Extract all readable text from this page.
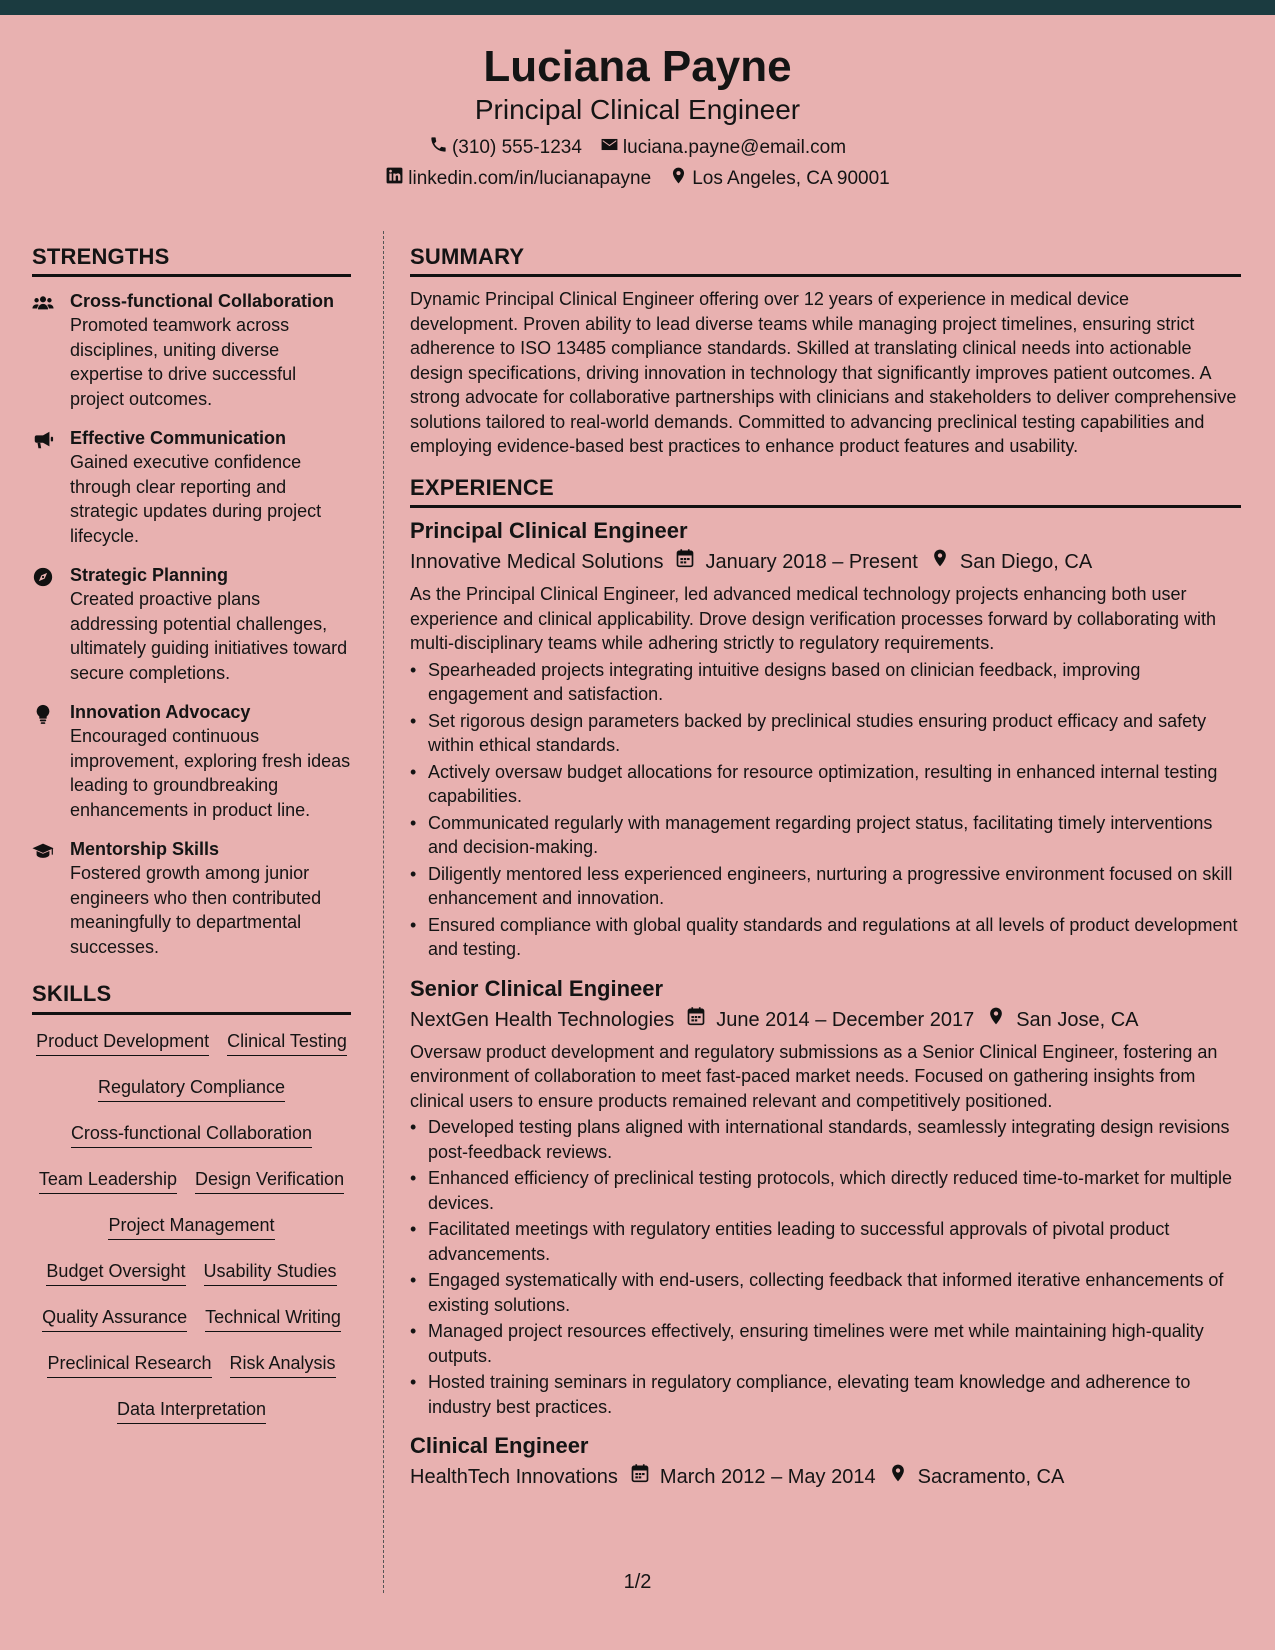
Luciana Payne
Principal Clinical Engineer
(310) 555-1234 luciana.payne@email.com
linkedin.com/in/lucianapayne Los Angeles, CA 90001
STRENGTHS
Cross-functional Collaboration
Promoted teamwork across disciplines, uniting diverse expertise to drive successful project outcomes.
Effective Communication
Gained executive confidence through clear reporting and strategic updates during project lifecycle.
Strategic Planning
Created proactive plans addressing potential challenges, ultimately guiding initiatives toward secure completions.
Innovation Advocacy
Encouraged continuous improvement, exploring fresh ideas leading to groundbreaking enhancements in product line.
Mentorship Skills
Fostered growth among junior engineers who then contributed meaningfully to departmental successes.
SKILLS
Product Development Clinical Testing
Regulatory Compliance
Cross-functional Collaboration
Team Leadership Design Verification
Project Management
Budget Oversight Usability Studies
Quality Assurance Technical Writing
Preclinical Research Risk Analysis
Data Interpretation
SUMMARY

Dynamic Principal Clinical Engineer offering over 12 years of experience in medical device development. Proven ability to lead diverse teams while managing project timelines, ensuring strict adherence to ISO 13485 compliance standards. Skilled at translating clinical needs into actionable design specifications, driving innovation in technology that significantly improves patient outcomes. A strong advocate for collaborative partnerships with clinicians and stakeholders to deliver comprehensive solutions tailored to real-world demands. Committed to advancing preclinical testing capabilities and employing evidence-based best practices to enhance product features and usability.

EXPERIENCE
Principal Clinical Engineer
Innovative Medical Solutions January 2018 – Present San Diego, CA

As the Principal Clinical Engineer, led advanced medical technology projects enhancing both user experience and clinical applicability. Drove design verification processes forward by collaborating with multi-disciplinary teams while adhering strictly to regulatory requirements.

• Spearheaded projects integrating intuitive designs based on clinician feedback, improving engagement and satisfaction.
• Set rigorous design parameters backed by preclinical studies ensuring product efficacy and safety within ethical standards.
• Actively oversaw budget allocations for resource optimization, resulting in enhanced internal testing capabilities.
• Communicated regularly with management regarding project status, facilitating timely interventions and decision-making.
• Diligently mentored less experienced engineers, nurturing a progressive environment focused on skill enhancement and innovation.
• Ensured compliance with global quality standards and regulations at all levels of product development and testing.
Senior Clinical Engineer
NextGen Health Technologies June 2014 – December 2017 San Jose, CA

Oversaw product development and regulatory submissions as a Senior Clinical Engineer, fostering an environment of collaboration to meet fast-paced market needs. Focused on gathering insights from clinical users to ensure products remained relevant and competitively positioned.

• Developed testing plans aligned with international standards, seamlessly integrating design revisions post-feedback reviews.
• Enhanced efficiency of preclinical testing protocols, which directly reduced time-to-market for multiple devices.
• Facilitated meetings with regulatory entities leading to successful approvals of pivotal product advancements.
• Engaged systematically with end-users, collecting feedback that informed iterative enhancements of existing solutions.
• Managed project resources effectively, ensuring timelines were met while maintaining high-quality outputs.
• Hosted training seminars in regulatory compliance, elevating team knowledge and adherence to industry best practices.
Clinical Engineer
HealthTech Innovations March 2012 – May 2014 Sacramento, CA
1/2
